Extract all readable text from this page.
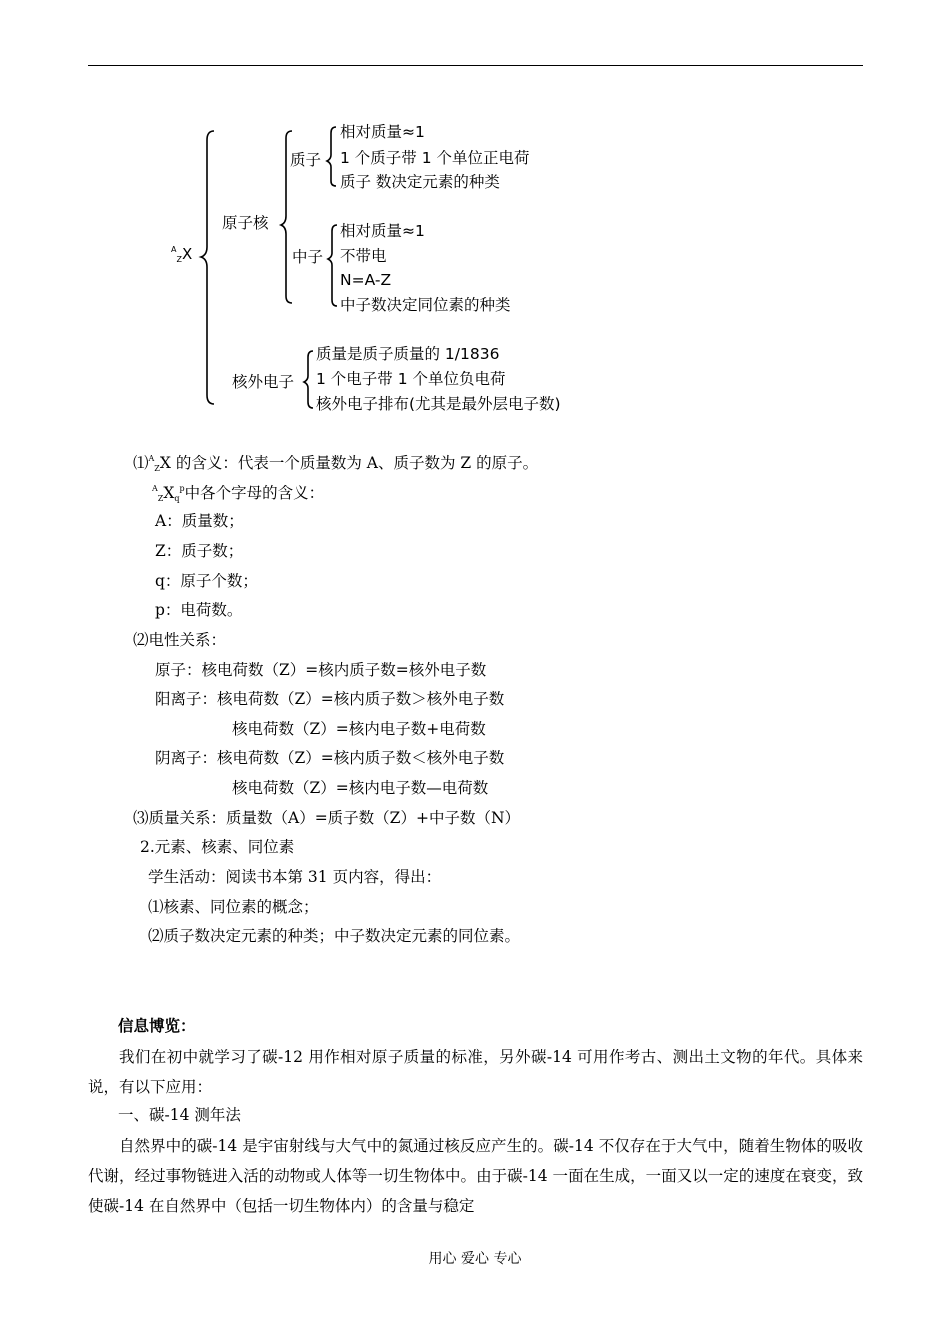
$^A_Z$X
原子核
质子
相对质量≈1
1 个质子带 1 个单位正电荷
质子 数决定元素的种类
中子
相对质量≈1
不带电
N=A-Z
中子数决定同位素的种类
核外电子
质量是质子质量的 1/1836
1 个电子带 1 个单位负电荷
核外电子排布(尤其是最外层电子数)
⑴$^A_Z$X 的含义：代表一个质量数为 A、质子数为 Z 的原子。
$^A_ZX_q^p$中各个字母的含义：
A：质量数；
Z：质子数；
q：原子个数；
p：电荷数。
⑵电性关系：
原子：核电荷数（Z）=核内质子数=核外电子数
阳离子：核电荷数（Z）=核内质子数＞核外电子数
核电荷数（Z）=核内电子数+电荷数
阴离子：核电荷数（Z）=核内质子数＜核外电子数
核电荷数（Z）=核内电子数—电荷数
⑶质量关系：质量数（A）=质子数（Z）+中子数（N）
2.元素、核素、同位素
学生活动：阅读书本第 31 页内容，得出：
⑴核素、同位素的概念；
⑵质子数决定元素的种类；中子数决定元素的同位素。
信息博览：
我们在初中就学习了碳-12 用作相对原子质量的标准，另外碳-14 可用作考古、测出土文物的年代。具体来说，有以下应用：
一、碳-14 测年法
自然界中的碳-14 是宇宙射线与大气中的氮通过核反应产生的。碳-14 不仅存在于大气中，随着生物体的吸收代谢，经过事物链进入活的动物或人体等一切生物体中。由于碳-14 一面在生成，一面又以一定的速度在衰变，致使碳-14 在自然界中（包括一切生物体内）的含量与稳定
用心 爱心 专心
